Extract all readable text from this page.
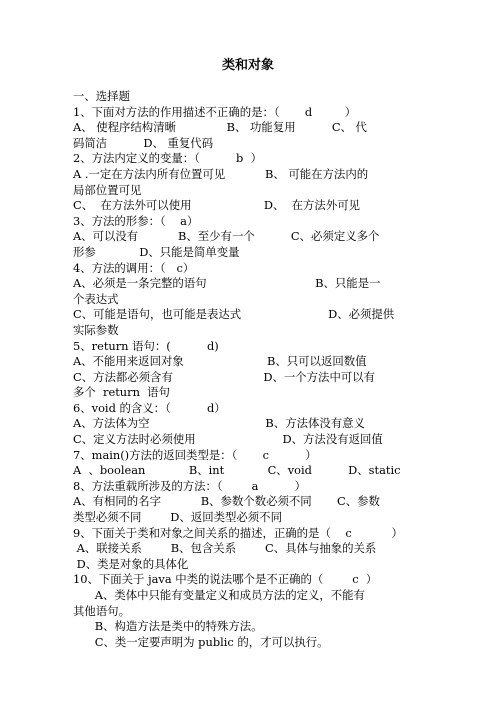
类和对象
一、选择题
1、下面对方法的作用描述不正确的是：（       d         ）
A、 使程序结构清晰              B、 功能复用          C、 代
码简洁          D、 重复代码
2、方法内定义的变量：（          b  ）
A .一定在方法内所有位置可见           B、 可能在方法内的
局部位置可见
C、  在方法外可以使用                    D、  在方法外可见
3、方法的形参：（    a）
A、可以没有           B、至少有一个          C、必须定义多个
形参            D、只能是简单变量
4、方法的调用：（   c）
A、必须是一条完整的语句                              B、只能是一
个表达式
C、可能是语句，也可能是表达式                        D、必须提供
实际参数
5、return 语句：(          d)
A、不能用来返回对象                       B、只可以返回数值
C、方法都必须含有                         D、一个方法中可以有
多个  return  语句
6、void 的含义：（          d）
A、方法体为空                                B、方法体没有意义
C、定义方法时必须使用                        D、方法没有返回值
7、main()方法的返回类型是：（       c          ）
A  、boolean            B、int            C、void          D、static
8、方法重载所涉及的方法：（        a          ）
A、有相同的名字           B、参数个数必须不同       C、参数
类型必须不同        D、返回类型必须不同
9、下面关于类和对象之间关系的描述，正确的是（    c           ）
A、联接关系        B、包含关系        C、具体与抽象的关系
D、类是对象的具体化
10、下面关于 java 中类的说法哪个是不正确的（        c  ）
A、类体中只能有变量定义和成员方法的定义，不能有
其他语句。
B、构造方法是类中的特殊方法。
C、类一定要声明为 public 的，才可以执行。
